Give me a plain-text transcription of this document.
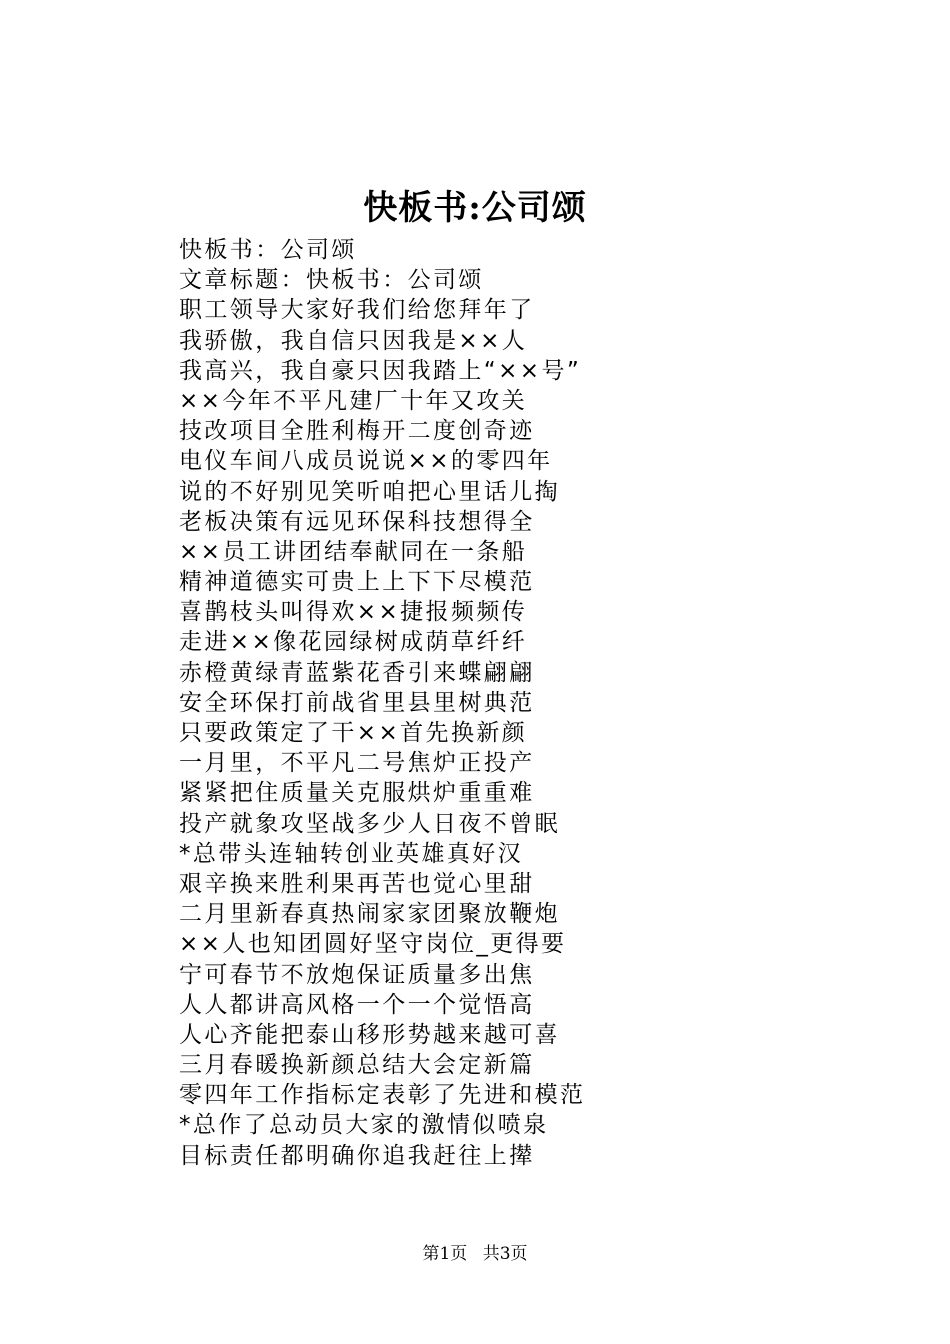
快板书:公司颂
快板书：公司颂
文章标题：快板书：公司颂
职工领导大家好我们给您拜年了
我骄傲，我自信只因我是××人
我高兴，我自豪只因我踏上“××号”
××今年不平凡建厂十年又攻关
技改项目全胜利梅开二度创奇迹
电仪车间八成员说说××的零四年
说的不好别见笑听咱把心里话儿掏
老板决策有远见环保科技想得全
××员工讲团结奉献同在一条船
精神道德实可贵上上下下尽模范
喜鹊枝头叫得欢××捷报频频传
走进××像花园绿树成荫草纤纤
赤橙黄绿青蓝紫花香引来蝶翩翩
安全环保打前战省里县里树典范
只要政策定了干××首先换新颜
一月里，不平凡二号焦炉正投产
紧紧把住质量关克服烘炉重重难
投产就象攻坚战多少人日夜不曾眠
*总带头连轴转创业英雄真好汉
艰辛换来胜利果再苦也觉心里甜
二月里新春真热闹家家团聚放鞭炮
××人也知团圆好坚守岗位_更得要
宁可春节不放炮保证质量多出焦
人人都讲高风格一个一个觉悟高
人心齐能把泰山移形势越来越可喜
三月春暖换新颜总结大会定新篇
零四年工作指标定表彰了先进和模范
*总作了总动员大家的激情似喷泉
目标责任都明确你追我赶往上撵
第1页 共3页
